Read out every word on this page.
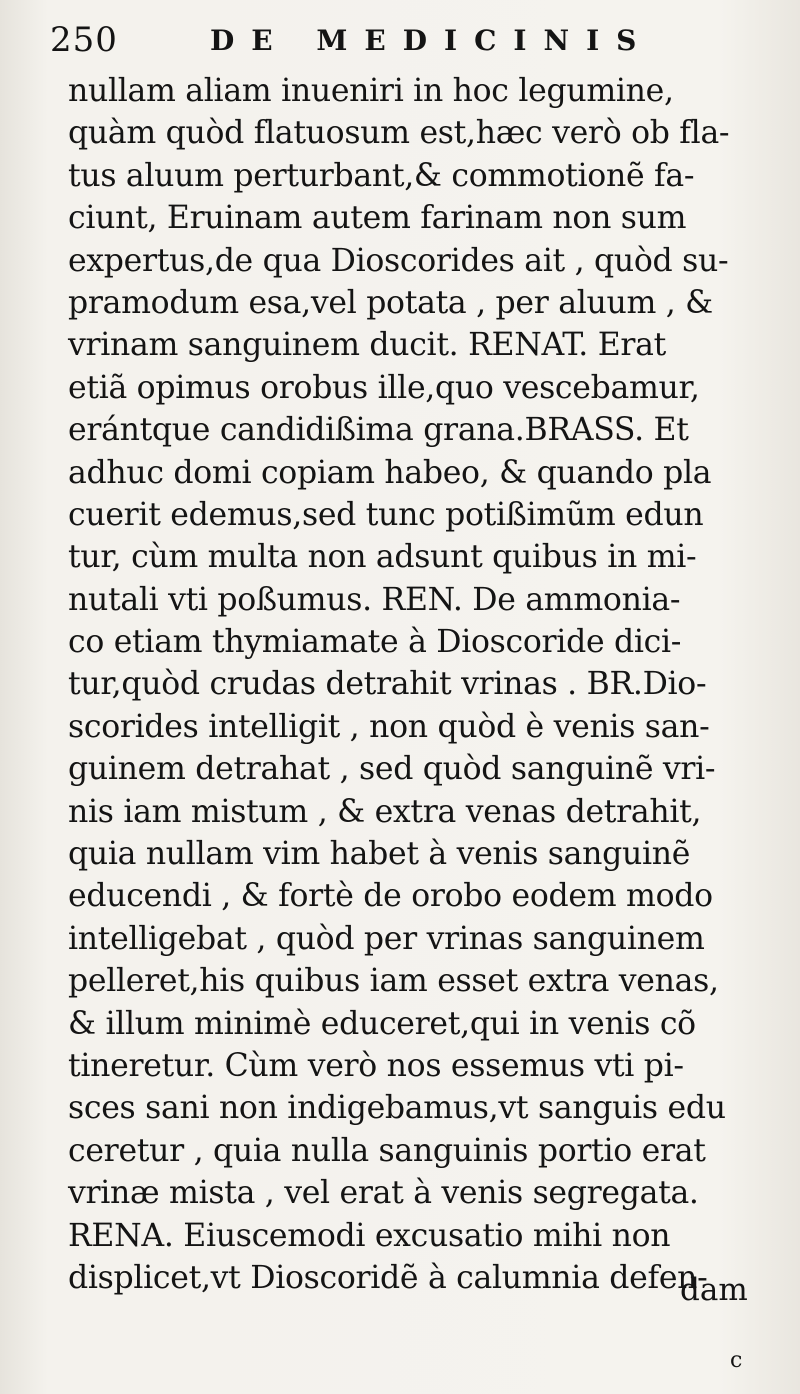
250	DE MEDICINIS
nullam aliam inueniri in hoc legumine,
quàm quòd flatuosum est,hæc verò ob fla-
tus aluum perturbant,& commotionẽ fa-
ciunt, Eruinam autem farinam non sum
expertus,de qua Dioscorides ait , quòd su-
pramodum esa,vel potata , per aluum , &
vrinam sanguinem ducit. RENAT. Erat
etiã opimus orobus ille,quo vescebamur,
erántque candidißima grana.BRASS. Et
adhuc domi copiam habeo, & quando pla
cuerit edemus,sed tunc potißimũm edun
tur, cùm multa non adsunt quibus in mi-
nutali vti poßumus. REN. De ammonia-
co etiam thymiamate à Dioscoride dici-
tur,quòd crudas detrahit vrinas . BR.Dio-
scorides intelligit , non quòd è venis san-
guinem detrahat , sed quòd sanguinẽ vri-
nis iam mistum , & extra venas detrahit,
quia nullam vim habet à venis sanguinẽ
educendi , & fortè de orobo eodem modo
intelligebat , quòd per vrinas sanguinem
pelleret,his quibus iam esset extra venas,
& illum minimè educeret,qui in venis cõ
tineretur. Cùm verò nos essemus vti pi-
sces sani non indigebamus,vt sanguis edu
ceretur , quia nulla sanguinis portio erat
vrinæ mista , vel erat à venis segregata.
RENA. Eiuscemodi excusatio mihi non
displicet,vt Dioscoridẽ à calumnia defen-
dam
c
